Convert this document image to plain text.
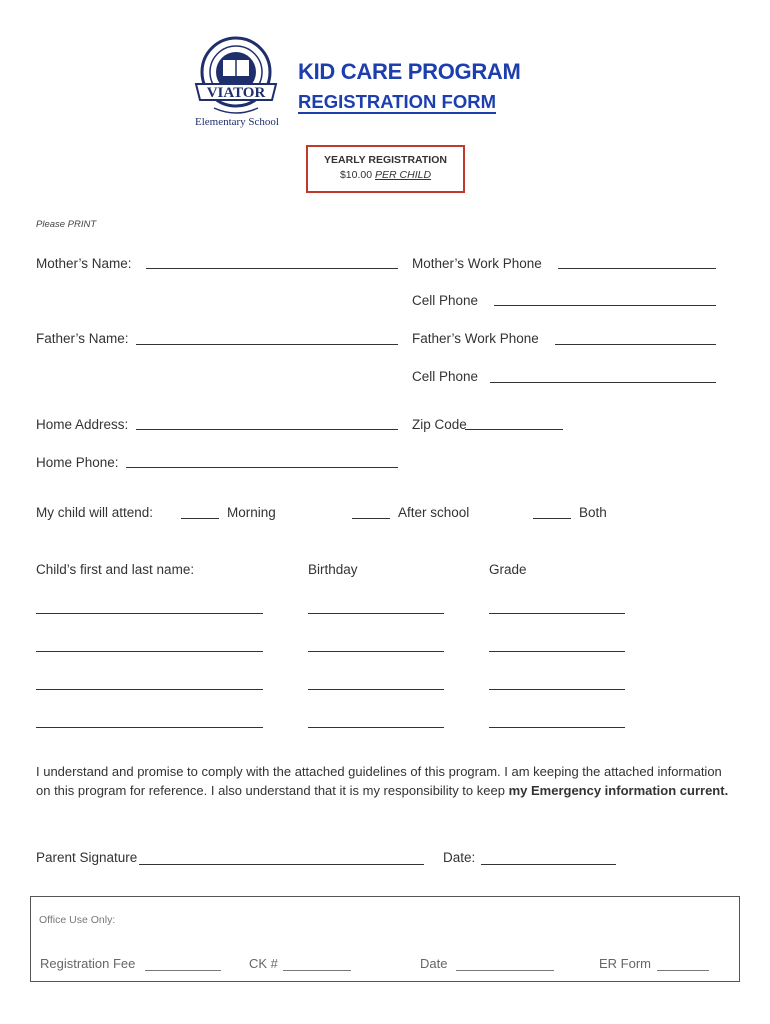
VIATOR
Elementary School
KID CARE PROGRAM
REGISTRATION FORM
YEARLY REGISTRATION
$10.00 PER CHILD
Please PRINT
Mother’s Name:	Mother’s Work Phone
Cell Phone
Father’s Name:	Father’s Work Phone
Cell Phone
Home Address:	Zip Code
Home Phone:
My child will attend:	Morning	After school	Both
Child’s first and last name:	Birthday	Grade
I understand and promise to comply with the attached guidelines of this program. I am keeping the attached information on this program for reference. I also understand that it is my responsibility to keep my Emergency information current.
Parent Signature	Date:
Office Use Only:
Registration Fee	CK #	Date	ER Form
